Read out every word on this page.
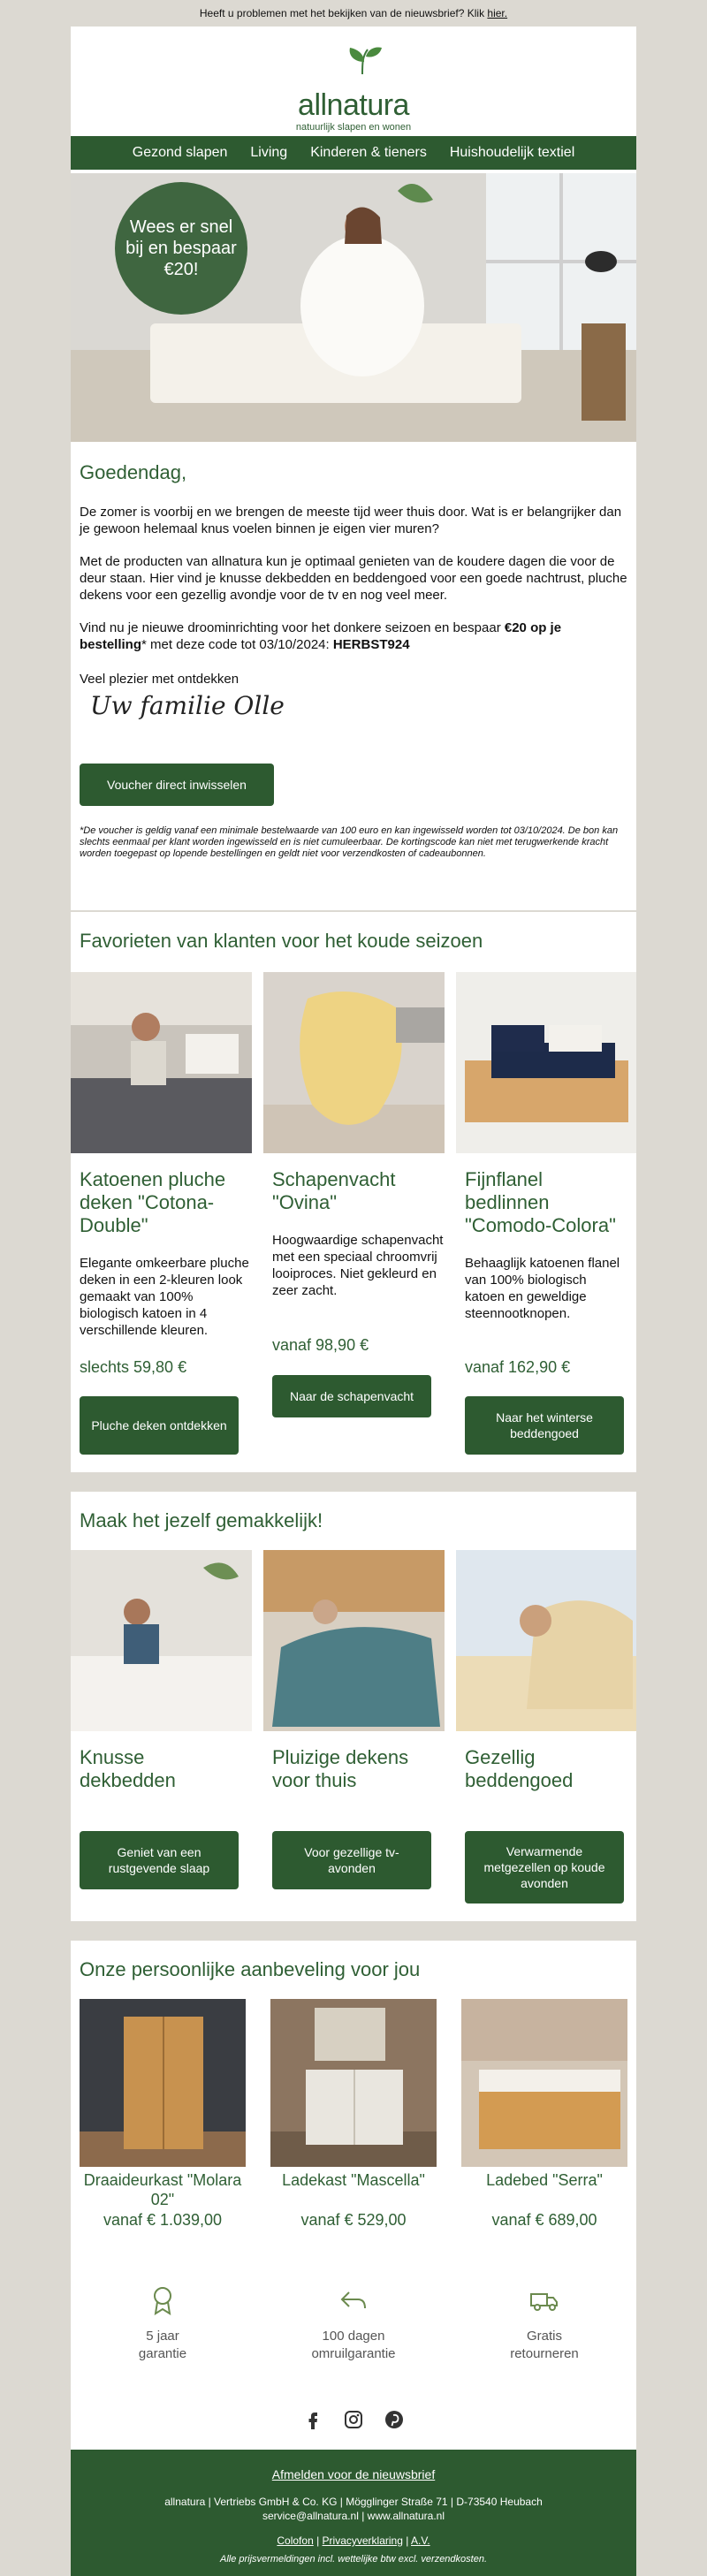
Heeft u problemen met het bekijken van de nieuwsbrief? Klik hier.
allnatura
natuurlijk slapen en wonen
Gezond slapen Living Kinderen & tieners Huishoudelijk textiel
Wees er snel
bij en bespaar
€20!
Goedendag,

De zomer is voorbij en we brengen de meeste tijd weer thuis door. Wat is er belangrijker dan je gewoon helemaal knus voelen binnen je eigen vier muren?

Met de producten van allnatura kun je optimaal genieten van de koudere dagen die voor de deur staan. Hier vind je knusse dekbedden en beddengoed voor een goede nachtrust, pluche dekens voor een gezellig avondje voor de tv en nog veel meer.

Vind nu je nieuwe droominrichting voor het donkere seizoen en bespaar €20 op je bestelling* met deze code tot 03/10/2024: HERBST924

Veel plezier met ontdekken

Uw familie Olle
Voucher direct inwisselen

*De voucher is geldig vanaf een minimale bestelwaarde van 100 euro en kan ingewisseld worden tot 03/10/2024. De bon kan slechts eenmaal per klant worden ingewisseld en is niet cumuleerbaar. De kortingscode kan niet met terugwerkende kracht worden toegepast op lopende bestellingen en geldt niet voor verzendkosten of cadeaubonnen.

Favorieten van klanten voor het koude seizoen
Katoenen pluche deken "Cotona-Double"

Elegante omkeerbare pluche deken in een 2-kleuren look gemaakt van 100% biologisch katoen in 4 verschillende kleuren.

Schapenvacht "Ovina"

Hoogwaardige schapenvacht met een speciaal chroomvrij looiproces. Niet gekleurd en zeer zacht.

Fijnflanel bedlinnen "Comodo-Colora"

Behaaglijk katoenen flanel van 100% biologisch katoen en geweldige steennootknopen.

slechts 59,80 €
vanaf 98,90 €
vanaf 162,90 €
Pluche deken ontdekken
Naar de schapenvacht
Naar het winterse beddengoed
Maak het jezelf gemakkelijk!
Knusse dekbedden
Pluizige dekens voor thuis
Gezellig beddengoed
Geniet van een rustgevende slaap
Voor gezellige tv-avonden
Verwarmende metgezellen op koude avonden
Onze persoonlijke aanbeveling voor jou
Draaideurkast "Molara 02"
Ladekast "Mascella"	Ladebed "Serra"
vanaf € 1.039,00	vanaf € 529,00	vanaf € 689,00
5 jaar
garantie
100 dagen
omruilgarantie
Gratis
retourneren
Afmelden voor de nieuwsbrief
allnatura | Vertriebs GmbH & Co. KG | Mögglinger Straße 71 | D-73540 Heubach
service@allnatura.nl | www.allnatura.nl
Colofon | Privacyverklaring | A.V.
Alle prijsvermeldingen incl. wettelijke btw excl. verzendkosten.
